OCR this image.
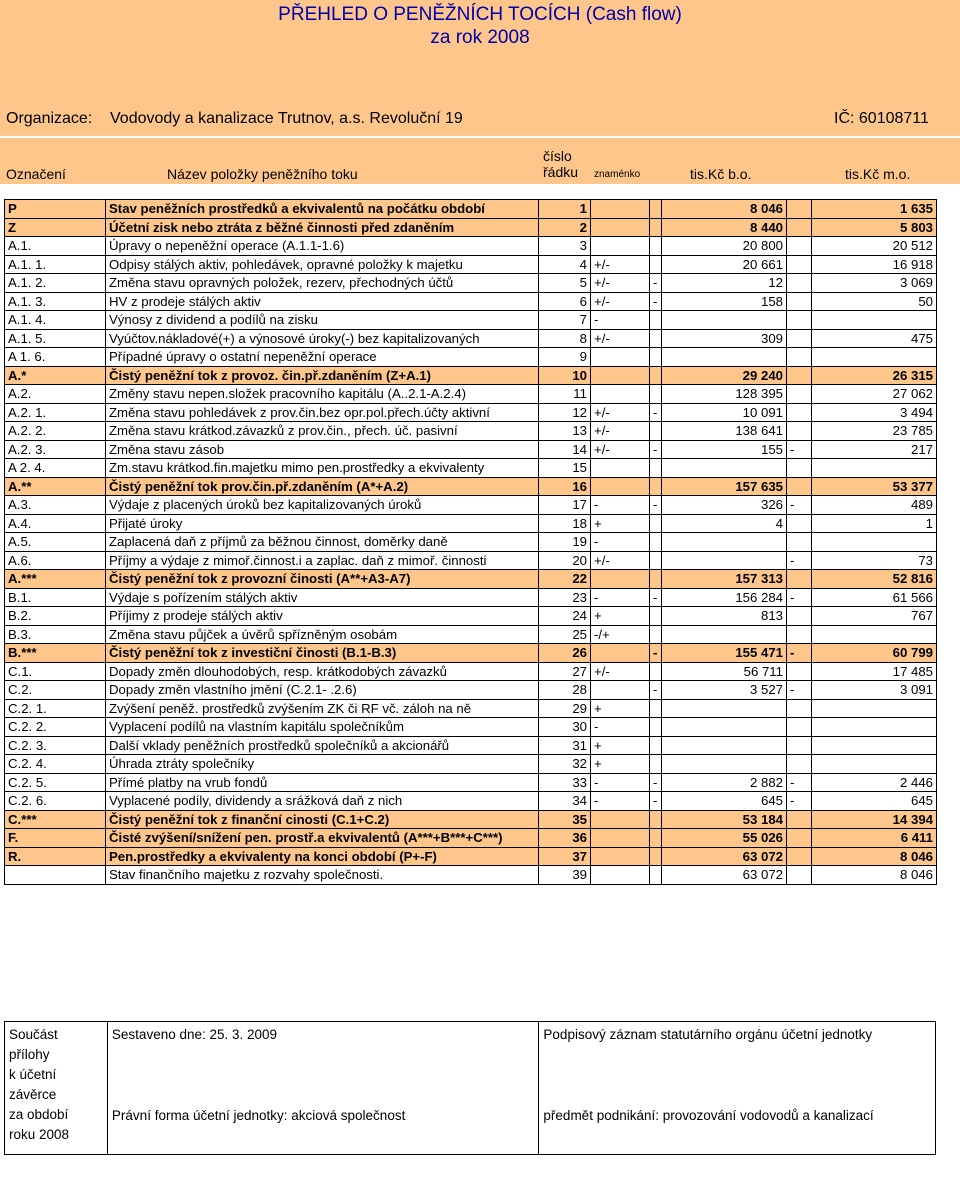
PŘEHLED O PENĚŽNÍCH TOCÍCH (Cash flow)
za rok 2008
Organizace: Vodovody a kanalizace Trutnov, a.s. Revoluční 19	IČ: 60108711
Označení	Název položky peněžního toku
číslo
řádku znaménko	tis.Kč b.o.	tis.Kč m.o.
P	Stav peněžních prostředků a ekvivalentů na počátku období	1			8 046		1 635
Z	Účetní zisk nebo ztráta z běžné činnosti před zdaněním	2			8 440		5 803
A.1.	Úpravy o nepeněžní operace (A.1.1-1.6)	3			20 800		20 512
A.1. 1.	Odpisy stálých aktiv, pohledávek, opravné položky k majetku	4	+/-		20 661		16 918
A.1. 2.	Změna stavu opravných položek, rezerv, přechodných účtů	5	+/-	-	12		3 069
A.1. 3.	HV z prodeje stálých aktiv	6	+/-	-	158		50
A.1. 4.	Výnosy z dividend a podílů na zisku	7	-				
A.1. 5.	Vyúčtov.nákladové(+) a výnosové úroky(-) bez kapitalizovaných	8	+/-		309		475
A 1. 6.	Případné úpravy o ostatní nepeněžní operace	9					
A.*	Čistý peněžní tok z provoz. čin.př.zdaněním (Z+A.1)	10			29 240		26 315
A.2.	Změny stavu nepen.složek pracovního kapitálu (A..2.1-A.2.4)	11			128 395		27 062
A.2. 1.	Změna stavu pohledávek z prov.čin.bez opr.pol.přech.účty aktivní	12	+/-	-	10 091		3 494
A.2. 2.	Změna stavu krátkod.závazků z prov.čin., přech. úč. pasivní	13	+/-		138 641		23 785
A.2. 3.	Změna stavu zásob	14	+/-	-	155	-	217
A 2. 4.	Zm.stavu krátkod.fin.majetku mimo pen.prostředky a ekvivalenty	15					
A.**	Čistý peněžní tok prov.čin.př.zdaněním (A*+A.2)	16			157 635		53 377
A.3.	Výdaje z placených úroků bez kapitalizovaných úroků	17	-	-	326	-	489
A.4.	Přijaté úroky	18	+		4		1
A.5.	Zaplacená daň z příjmů za běžnou činnost, doměrky daně	19	-				
A.6.	Příjmy a výdaje z mimoř.činnost.i a zaplac. daň z mimoř. činnosti	20	+/-			-	73
A.***	Čistý peněžní tok z provozní činosti (A**+A3-A7)	22			157 313		52 816
B.1.	Výdaje s pořízením stálých aktiv	23	-	-	156 284	-	61 566
B.2.	Příjimy z prodeje stálých aktiv	24	+		813		767
B.3.	Změna stavu půjček a úvěrů spřízněným osobám	25	-/+				
B.***	Čistý peněžní tok z investiční činosti (B.1-B.3)	26		-	155 471	-	60 799
C.1.	Dopady změn dlouhodobých, resp. krátkodobých závazků	27	+/-		56 711		17 485
C.2.	Dopady změn vlastního jmění (C.2.1- .2.6)	28		-	3 527	-	3 091
C.2. 1.	Zvýšení peněž. prostředků zvýšením ZK či RF vč. záloh na ně	29	+				
C.2. 2.	Vyplacení podílů na vlastním kapitálu společníkům	30	-				
C.2. 3.	Další vklady peněžních prostředků společníků a akcionářů	31	+				
C.2. 4.	Úhrada ztráty společníky	32	+				
C.2. 5.	Přímé platby na vrub fondů	33	-	-	2 882	-	2 446
C.2. 6.	Vyplacené podíly, dividendy a srážková daň z nich	34	-	-	645	-	645
C.***	Čistý peněžní tok z finanční cinosti (C.1+C.2)	35			53 184		14 394
F.	Čisté zvýšení/snížení pen. prostř.a ekvivalentů (A***+B***+C***)	36			55 026		6 411
R.	Pen.prostředky a ekvivalenty na konci období (P+-F)	37			63 072		8 046
	Stav finančního majetku z rozvahy společnosti.	39			63 072		8 046
Součást
přílohy
k účetní
závěrce
za období
roku 2008

Sestaveno dne: 25. 3. 2009
Právní forma účetní jednotky: akciová společnost

Podpisový záznam statutárního orgánu účetní jednotky
předmět podnikání: provozování vodovodů a kanalizací
